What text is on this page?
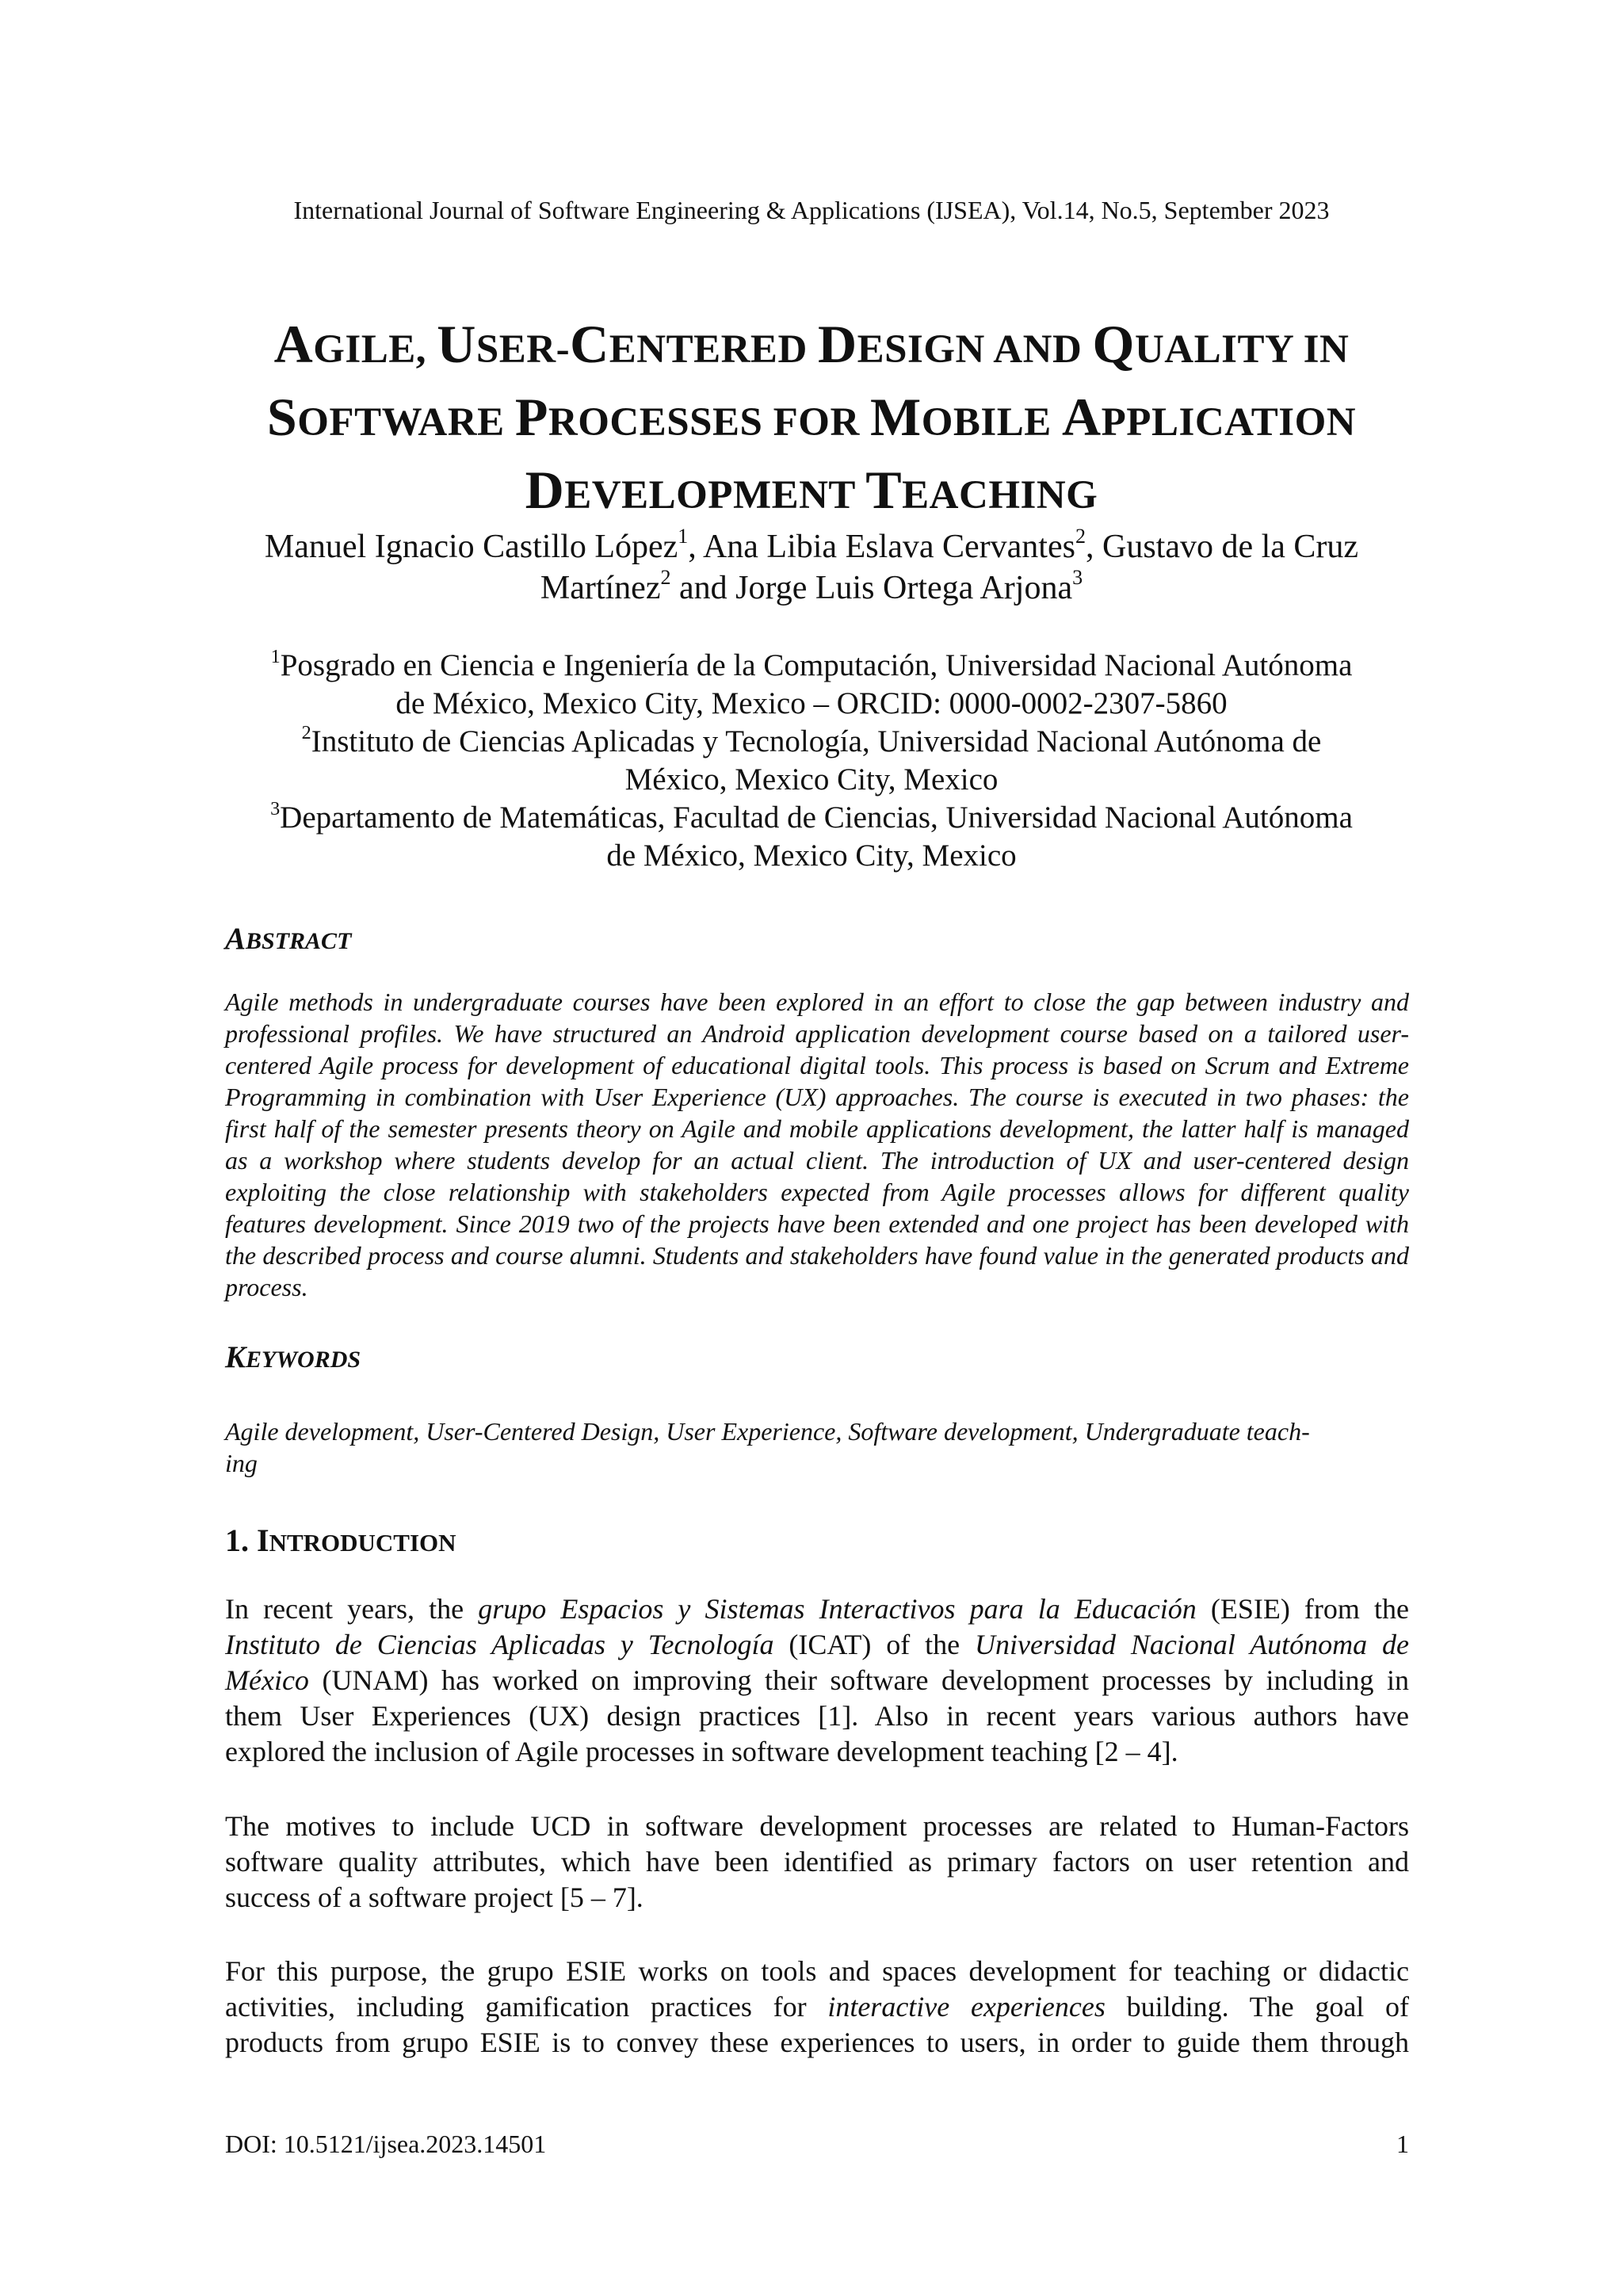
International Journal of Software Engineering & Applications (IJSEA), Vol.14, No.5, September 2023
AGILE, USER-CENTERED DESIGN AND QUALITY IN
SOFTWARE PROCESSES FOR MOBILE APPLICATION
DEVELOPMENT TEACHING
Manuel Ignacio Castillo López$^1$, Ana Libia Eslava Cervantes$^2$, Gustavo de la Cruz
Martínez$^2$ and Jorge Luis Ortega Arjona$^3$
$^1$Posgrado en Ciencia e Ingeniería de la Computación, Universidad Nacional Autónoma
de México, Mexico City, Mexico – ORCID: 0000-0002-2307-5860
$^2$Instituto de Ciencias Aplicadas y Tecnología, Universidad Nacional Autónoma de
México, Mexico City, Mexico
$^3$Departamento de Matemáticas, Facultad de Ciencias, Universidad Nacional Autónoma
de México, Mexico City, Mexico
ABSTRACT
Agile methods in undergraduate courses have been explored in an effort to close the gap between industry and professional profiles. We have structured an Android application development course based on a tailored user-centered Agile process for development of educational digital tools. This process is based on Scrum and Extreme Programming in combination with User Experience (UX) approaches. The course is executed in two phases: the first half of the semester presents theory on Agile and mobile applications development, the latter half is managed as a workshop where students develop for an actual client. The introduction of UX and user-centered design exploiting the close relationship with stakeholders expected from Agile processes allows for different quality features development. Since 2019 two of the projects have been extended and one project has been developed with the described process and course alumni. Students and stakeholders have found value in the generated products and process.
KEYWORDS
Agile development, User-Centered Design, User Experience, Software development, Undergraduate teach-
ing
1. INTRODUCTION
In recent years, the grupo Espacios y Sistemas Interactivos para la Educación (ESIE) from the
Instituto de Ciencias Aplicadas y Tecnología (ICAT) of the Universidad Nacional Autónoma de
México (UNAM) has worked on improving their software development processes by including in
them User Experiences (UX) design practices [1]. Also in recent years various authors have
explored the inclusion of Agile processes in software development teaching [2 – 4].
The motives to include UCD in software development processes are related to Human-Factors
software quality attributes, which have been identified as primary factors on user retention and
success of a software project [5 – 7].
For this purpose, the grupo ESIE works on tools and spaces development for teaching or didactic
activities, including gamification practices for interactive experiences building. The goal of
products from grupo ESIE is to convey these experiences to users, in order to guide them through
DOI: 10.5121/ijsea.2023.14501	1
